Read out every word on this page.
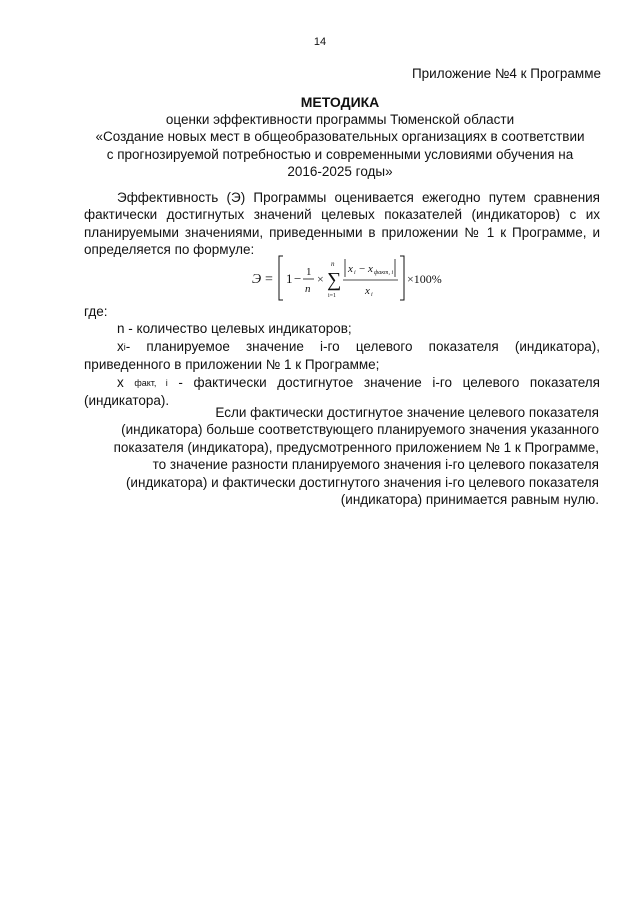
14
Приложение №4 к Программе
МЕТОДИКА
оценки эффективности программы Тюменской области
«Создание новых мест в общеобразовательных организациях в соответствии
с прогнозируемой потребностью и современными условиями обучения на
2016-2025 годы»
Эффективность (Э) Программы оценивается ежегодно путем сравнения фактически достигнутых значений целевых показателей (индикаторов) с их планируемыми значениями, приведенными в приложении № 1 к Программе, и определяется по формуле:
Э = 1 − 1
n
×
n
∑
i=1
x i − x факт, i
x i
×100%
где:
n - количество целевых индикаторов;
xi- планируемое значение i-го целевого показателя (индикатора), приведенного в приложении № 1 к Программе;
x факт, i - фактически достигнутое значение i-го целевого показателя (индикатора).
Если фактически достигнутое значение целевого показателя
(индикатора) больше соответствующего планируемого значения указанного
показателя (индикатора), предусмотренного приложением № 1 к Программе,
то значение разности планируемого значения i-го целевого показателя
(индикатора) и фактически достигнутого значения i-го целевого показателя
(индикатора) принимается равным нулю.
